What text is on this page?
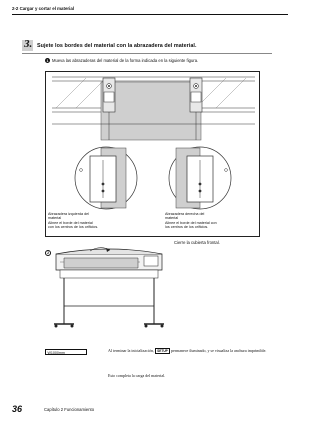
2-2 Cargar y cortar el material
3. Sujete los bordes del material con la abrazadera del material.
1 Mueva las abrazaderas del material de la forma indicada en la siguiente figura.
Abrazadera izquierda del
material
Alinee el borde del material
con los centros de los orificios.
Abrazadera derecha del
material
Alinee el borde del material con
los centros de los orificios.
2
Cierre la cubierta frontal.
W1000mm	Al terminar la inicialización, SETUP permanece iluminado, y se visualiza la anchura imprimible.
Esto completa la carga del material.
36	Capítulo 2 Funcionamiento
